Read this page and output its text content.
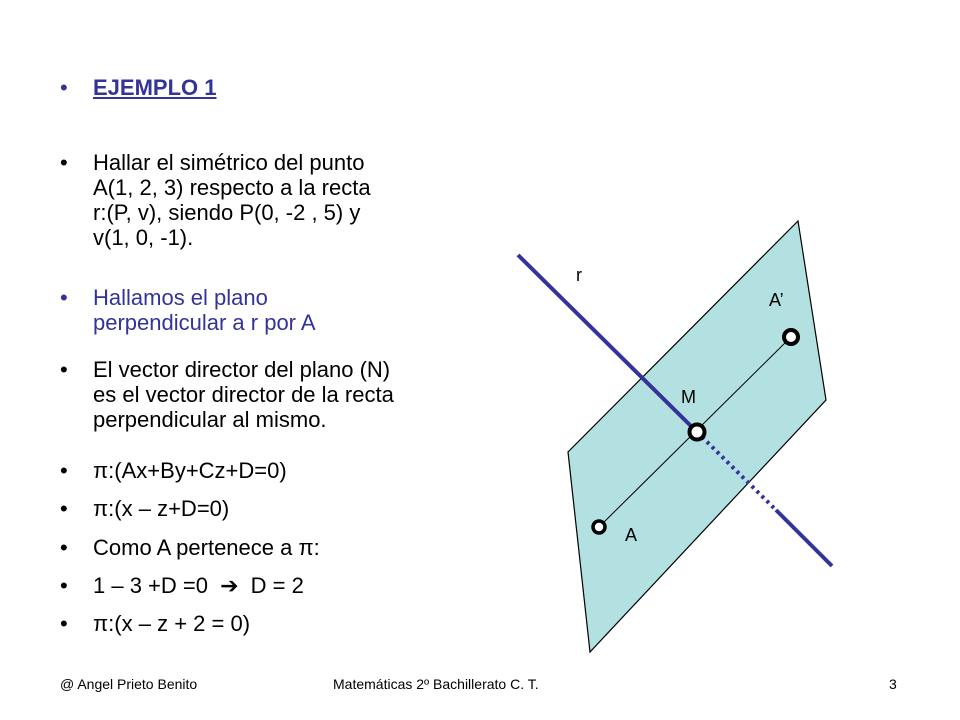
• EJEMPLO 1
• Hallar el simétrico del punto
A(1, 2, 3) respecto a la recta
r:(P, v), siendo P(0, -2 , 5) y
v(1, 0, -1).
• Hallamos el plano
perpendicular a r por A
• El vector director del plano (N)
es el vector director de la recta
perpendicular al mismo.
• π:(Ax+By+Cz+D=0)
• π:(x – z+D=0)
• Como A pertenece a π:
• 1 – 3 +D =0 ➔ D = 2
• π:(x – z + 2 = 0)
r
A’
M
A
@ Angel Prieto Benito	Matemáticas 2º Bachillerato C. T.	3
